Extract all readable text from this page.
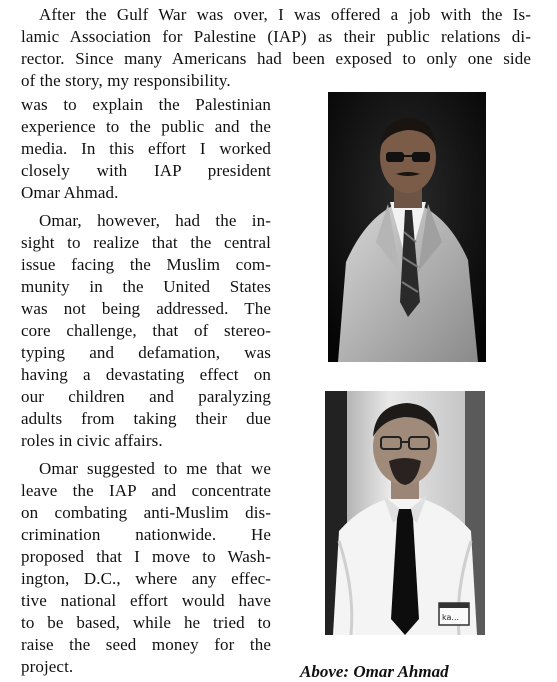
After the Gulf War was over, I was offered a job with the Is-
lamic Association for Palestine (IAP) as their public relations di-
rector. Since many Americans had been exposed to only one side
of the story, my responsibility.
was to explain the Palestinian
experience to the public and the
media. In this effort I worked
closely with IAP president
Omar Ahmad.
Omar, however, had the in-
sight to realize that the central
issue facing the Muslim com-
munity in the United States
was not being addressed. The
core challenge, that of stereo-
typing and defamation, was
having a devastating effect on
our children and paralyzing
adults from taking their due
roles in civic affairs.
Omar suggested to me that we
leave the IAP and concentrate
on combating anti-Muslim dis-
crimination nationwide. He
proposed that I move to Wash-
ington, D.C., where any effec-
tive national effort would have
to be based, while he tried to
raise the seed money for the
project.
ka...
Above: Omar Ahmad
